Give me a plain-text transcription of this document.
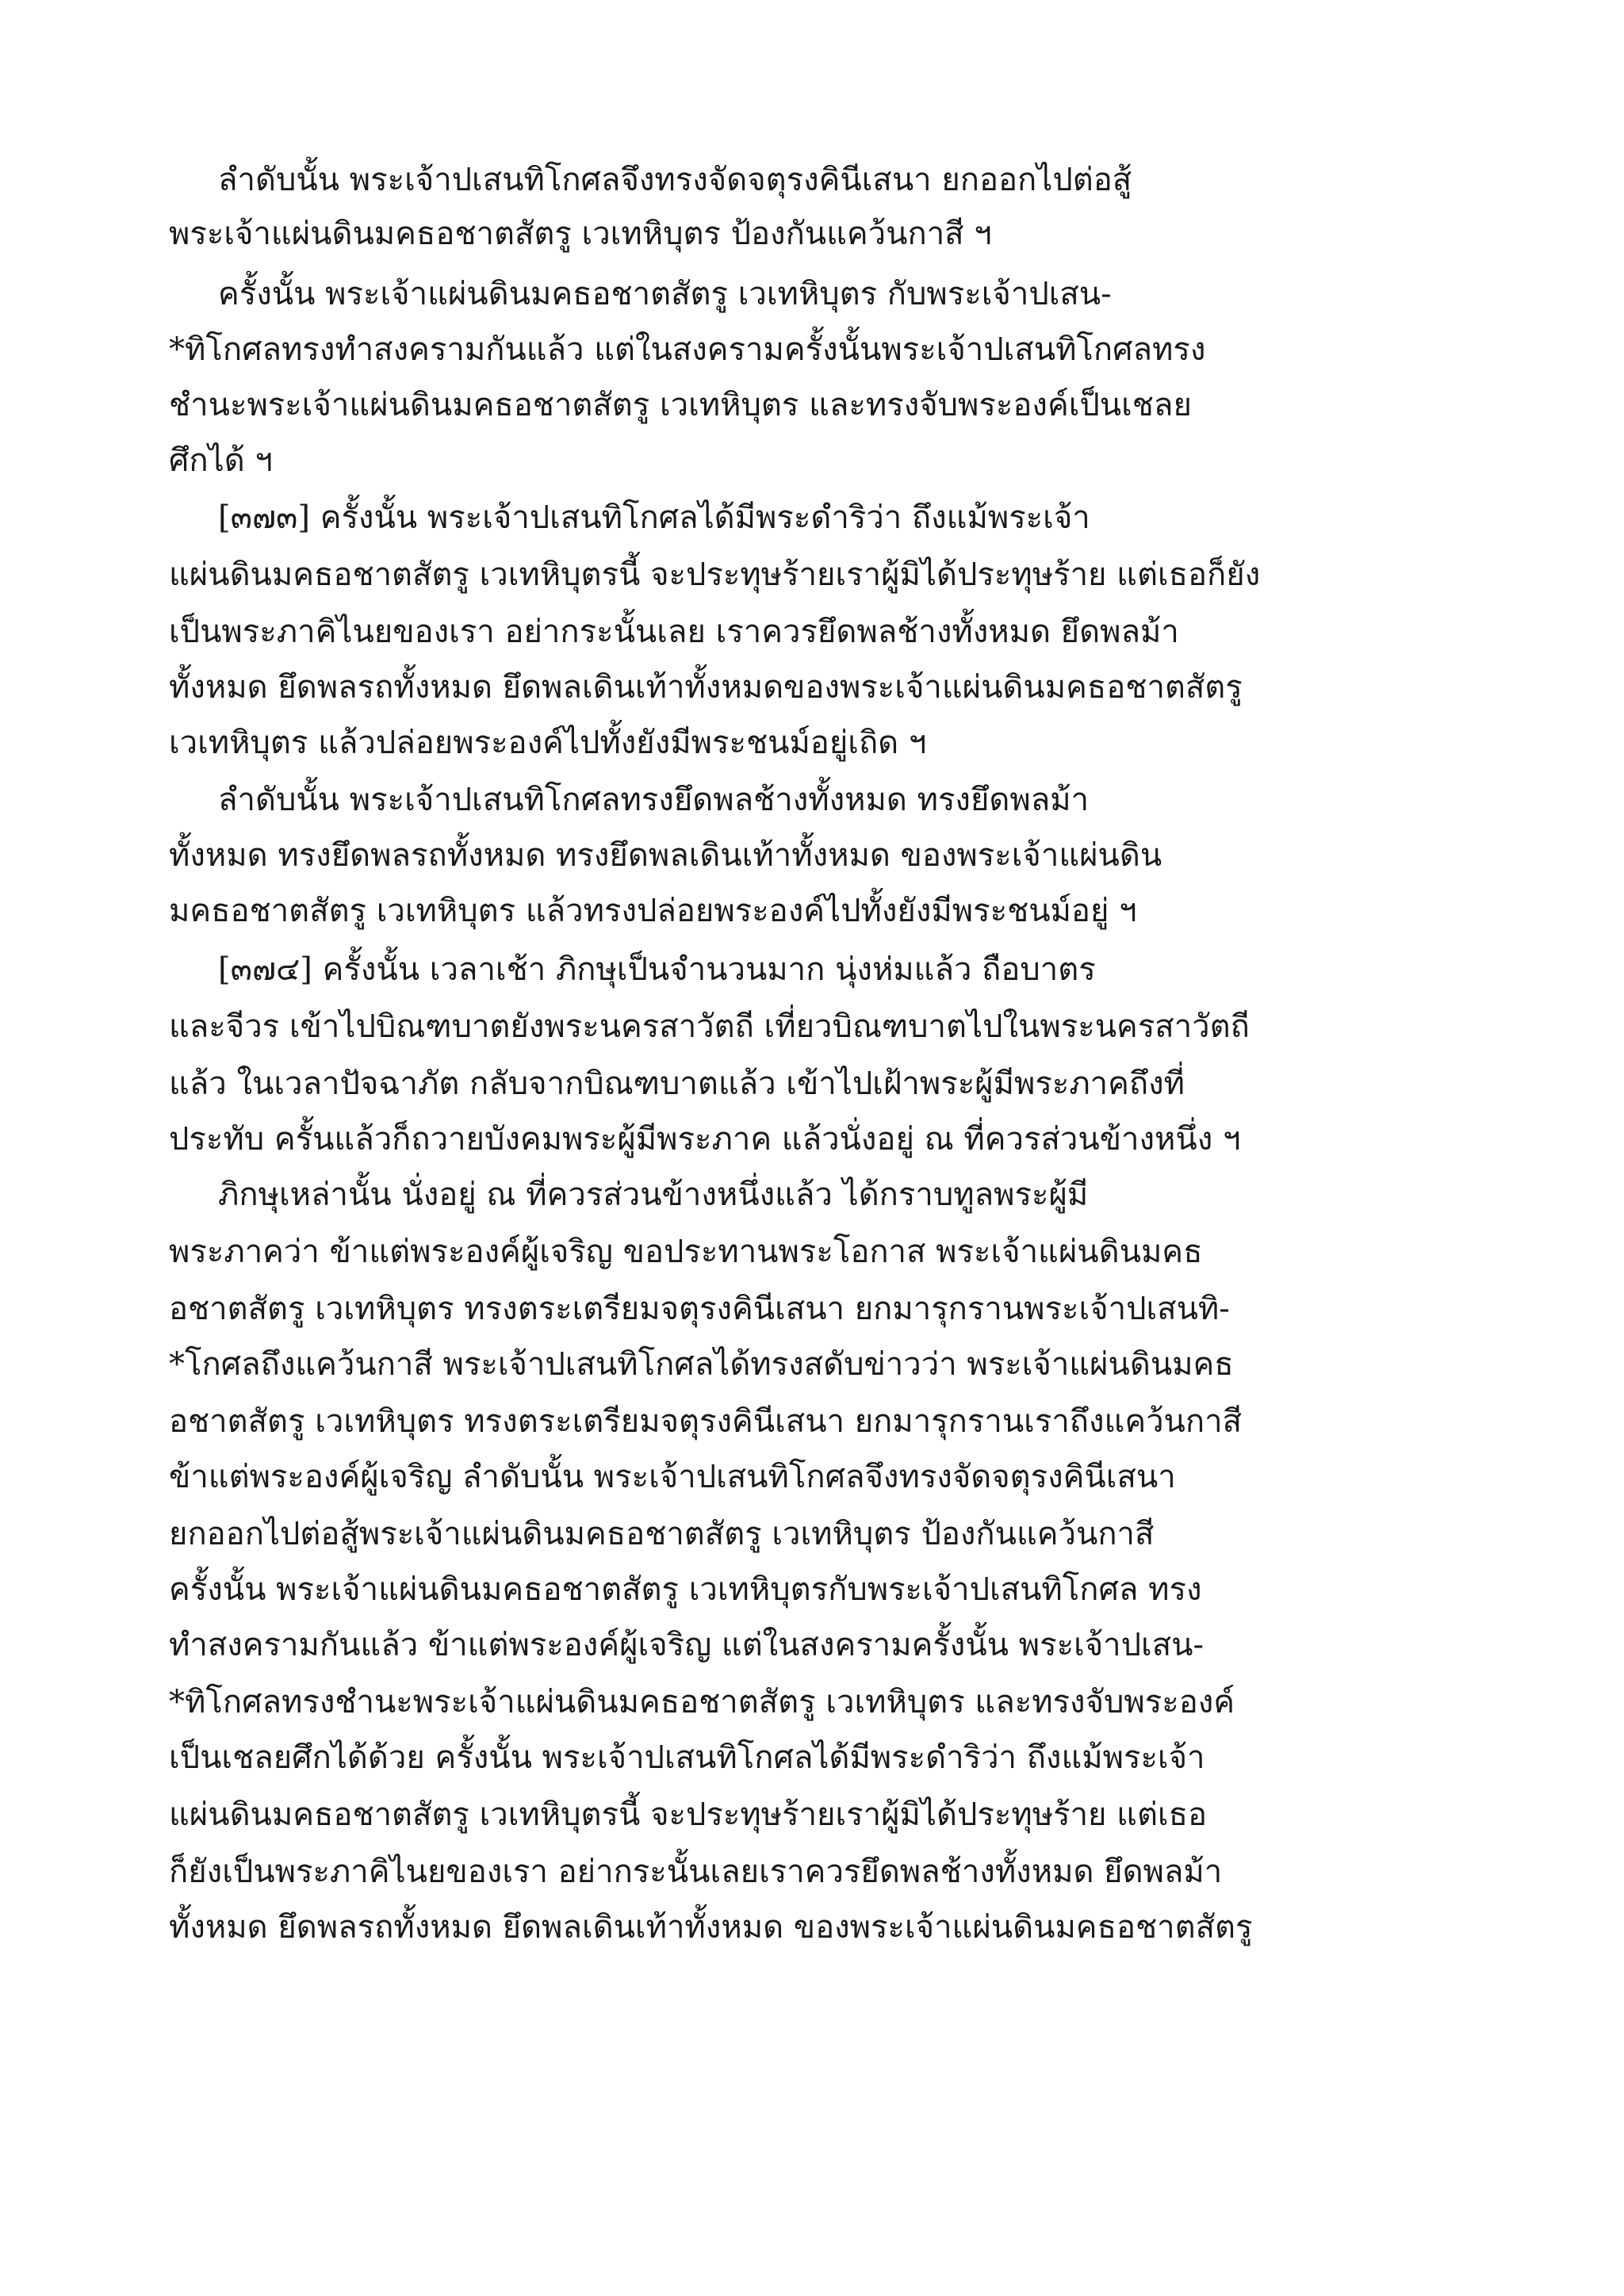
ลำดับนั้น พระเจ้าปเสนทิโกศลจึงทรงจัดจตุรงคินีเสนา ยกออกไปต่อสู้
พระเจ้าแผ่นดินมคธอชาตสัตรู เวเทหิบุตร ป้องกันแคว้นกาสี ฯ
ครั้งนั้น พระเจ้าแผ่นดินมคธอชาตสัตรู เวเทหิบุตร กับพระเจ้าปเสน-
*ทิโกศลทรงทำสงครามกันแล้ว แต่ในสงครามครั้งนั้นพระเจ้าปเสนทิโกศลทรง
ชำนะพระเจ้าแผ่นดินมคธอชาตสัตรู เวเทหิบุตร และทรงจับพระองค์เป็นเชลย
ศึกได้ ฯ
[๓๗๓] ครั้งนั้น พระเจ้าปเสนทิโกศลได้มีพระดำริว่า ถึงแม้พระเจ้า
แผ่นดินมคธอชาตสัตรู เวเทหิบุตรนี้ จะประทุษร้ายเราผู้มิได้ประทุษร้าย แต่เธอก็ยัง
เป็นพระภาคิไนยของเรา อย่ากระนั้นเลย เราควรยึดพลช้างทั้งหมด ยึดพลม้า
ทั้งหมด ยึดพลรถทั้งหมด ยึดพลเดินเท้าทั้งหมดของพระเจ้าแผ่นดินมคธอชาตสัตรู
เวเทหิบุตร แล้วปล่อยพระองค์ไปทั้งยังมีพระชนม์อยู่เถิด ฯ
ลำดับนั้น พระเจ้าปเสนทิโกศลทรงยึดพลช้างทั้งหมด ทรงยึดพลม้า
ทั้งหมด ทรงยึดพลรถทั้งหมด ทรงยึดพลเดินเท้าทั้งหมด ของพระเจ้าแผ่นดิน
มคธอชาตสัตรู เวเทหิบุตร แล้วทรงปล่อยพระองค์ไปทั้งยังมีพระชนม์อยู่ ฯ
[๓๗๔] ครั้งนั้น เวลาเช้า ภิกษุเป็นจำนวนมาก นุ่งห่มแล้ว ถือบาตร
และจีวร เข้าไปบิณฑบาตยังพระนครสาวัตถี เที่ยวบิณฑบาตไปในพระนครสาวัตถี
แล้ว ในเวลาปัจฉาภัต กลับจากบิณฑบาตแล้ว เข้าไปเฝ้าพระผู้มีพระภาคถึงที่
ประทับ ครั้นแล้วก็ถวายบังคมพระผู้มีพระภาค แล้วนั่งอยู่ ณ ที่ควรส่วนข้างหนึ่ง ฯ
ภิกษุเหล่านั้น นั่งอยู่ ณ ที่ควรส่วนข้างหนึ่งแล้ว ได้กราบทูลพระผู้มี
พระภาคว่า ข้าแต่พระองค์ผู้เจริญ ขอประทานพระโอกาส พระเจ้าแผ่นดินมคธ
อชาตสัตรู เวเทหิบุตร ทรงตระเตรียมจตุรงคินีเสนา ยกมารุกรานพระเจ้าปเสนทิ-
*โกศลถึงแคว้นกาสี พระเจ้าปเสนทิโกศลได้ทรงสดับข่าวว่า พระเจ้าแผ่นดินมคธ
อชาตสัตรู เวเทหิบุตร ทรงตระเตรียมจตุรงคินีเสนา ยกมารุกรานเราถึงแคว้นกาสี
ข้าแต่พระองค์ผู้เจริญ ลำดับนั้น พระเจ้าปเสนทิโกศลจึงทรงจัดจตุรงคินีเสนา
ยกออกไปต่อสู้พระเจ้าแผ่นดินมคธอชาตสัตรู เวเทหิบุตร ป้องกันแคว้นกาสี
ครั้งนั้น พระเจ้าแผ่นดินมคธอชาตสัตรู เวเทหิบุตรกับพระเจ้าปเสนทิโกศล ทรง
ทำสงครามกันแล้ว ข้าแต่พระองค์ผู้เจริญ แต่ในสงครามครั้งนั้น พระเจ้าปเสน-
*ทิโกศลทรงชำนะพระเจ้าแผ่นดินมคธอชาตสัตรู เวเทหิบุตร และทรงจับพระองค์
เป็นเชลยศึกได้ด้วย ครั้งนั้น พระเจ้าปเสนทิโกศลได้มีพระดำริว่า ถึงแม้พระเจ้า
แผ่นดินมคธอชาตสัตรู เวเทหิบุตรนี้ จะประทุษร้ายเราผู้มิได้ประทุษร้าย แต่เธอ
ก็ยังเป็นพระภาคิไนยของเรา อย่ากระนั้นเลยเราควรยึดพลช้างทั้งหมด ยึดพลม้า
ทั้งหมด ยึดพลรถทั้งหมด ยึดพลเดินเท้าทั้งหมด ของพระเจ้าแผ่นดินมคธอชาตสัตรู
